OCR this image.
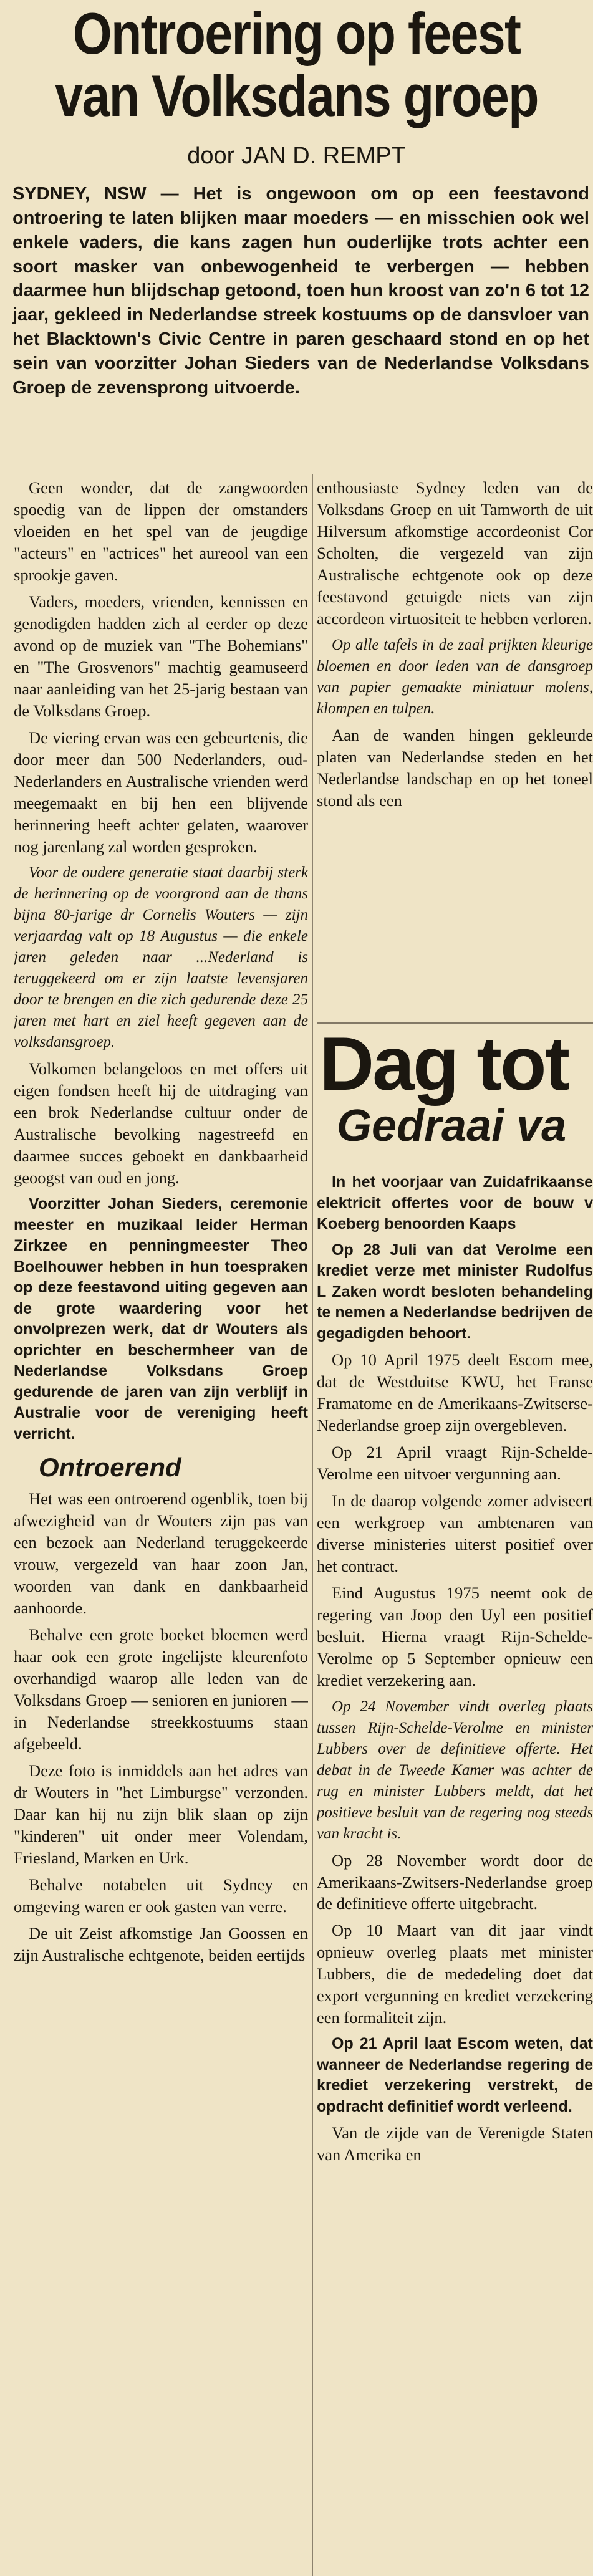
Ontroering op feest
van Volksdans groep
door JAN D. REMPT
SYDNEY, NSW — Het is ongewoon om op een feestavond ontroering te laten blijken maar moeders — en misschien ook wel enkele vaders, die kans zagen hun ouderlijke trots achter een soort masker van onbewogenheid te verbergen — hebben daarmee hun blijdschap getoond, toen hun kroost van zo'n 6 tot 12 jaar, gekleed in Nederlandse streek kostuums op de dansvloer van het Blacktown's Civic Centre in paren geschaard stond en op het sein van voorzitter Johan Sieders van de Nederlandse Volksdans Groep de zevensprong uitvoerde.

Geen wonder, dat de zangwoorden spoedig van de lippen der omstanders vloeiden en het spel van de jeugdige "acteurs" en "actrices" het aureool van een sprookje gaven.

Vaders, moeders, vrienden, kennissen en genodigden hadden zich al eerder op deze avond op de muziek van "The Bohemians" en "The Grosvenors" machtig geamuseerd naar aanleiding van het 25-jarig bestaan van de Volksdans Groep.

De viering ervan was een gebeurtenis, die door meer dan 500 Nederlanders, oud-Nederlanders en Australische vrienden werd meegemaakt en bij hen een blijvende herinnering heeft achter gelaten, waarover nog jarenlang zal worden gesproken.

Voor de oudere generatie staat daarbij sterk de herinnering op de voorgrond aan de thans bijna 80-jarige dr Cornelis Wouters — zijn verjaardag valt op 18 Augustus — die enkele jaren geleden naar ...Nederland is teruggekeerd om er zijn laatste levensjaren door te brengen en die zich gedurende deze 25 jaren met hart en ziel heeft gegeven aan de volksdansgroep.

Volkomen belangeloos en met offers uit eigen fondsen heeft hij de uitdraging van een brok Nederlandse cultuur onder de Australische bevolking nagestreefd en daarmee succes geboekt en dankbaarheid geoogst van oud en jong.

Voorzitter Johan Sieders, ceremonie meester en muzikaal leider Herman Zirkzee en penningmeester Theo Boelhouwer hebben in hun toespraken op deze feestavond uiting gegeven aan de grote waardering voor het onvolprezen werk, dat dr Wouters als oprichter en beschermheer van de Nederlandse Volksdans Groep gedurende de jaren van zijn verblijf in Australie voor de vereniging heeft verricht.

Ontroerend

Het was een ontroerend ogenblik, toen bij afwezigheid van dr Wouters zijn pas van een bezoek aan Nederland teruggekeerde vrouw, vergezeld van haar zoon Jan, woorden van dank en dankbaarheid aanhoorde.

Behalve een grote boeket bloemen werd haar ook een grote ingelijste kleurenfoto overhandigd waarop alle leden van de Volksdans Groep — senioren en junioren — in Nederlandse streekkostuums staan afgebeeld.

Deze foto is inmiddels aan het adres van dr Wouters in "het Limburgse" verzonden. Daar kan hij nu zijn blik slaan op zijn "kinderen" uit onder meer Volendam, Friesland, Marken en Urk.

Behalve notabelen uit Sydney en omgeving waren er ook gasten van verre.

De uit Zeist afkomstige Jan Goossen en zijn Australische echtgenote, beiden eertijds

enthousiaste Sydney leden van de Volksdans Groep en uit Tamworth de uit Hilversum afkomstige accordeonist Cor Scholten, die vergezeld van zijn Australische echtgenote ook op deze feestavond getuigde niets van zijn accordeon virtuositeit te hebben verloren.

Op alle tafels in de zaal prijkten kleurige bloemen en door leden van de dansgroep van papier gemaakte miniatuur molens, klompen en tulpen.

Aan de wanden hingen gekleurde platen van Nederlandse steden en het Nederlandse landschap en op het toneel stond als een

Dag tot
Gedraai va

In het voorjaar van Zuidafrikaanse elektricit offertes voor de bouw v Koeberg benoorden Kaaps

Op 28 Juli van dat Verolme een krediet verze met minister Rudolfus L Zaken wordt besloten behandeling te nemen a Nederlandse bedrijven de gegadigden behoort.

Op 10 April 1975 deelt Escom mee, dat de Westduitse KWU, het Franse Framatome en de Amerikaans-Zwitserse-Nederlandse groep zijn overgebleven.

Op 21 April vraagt Rijn-Schelde-Verolme een uitvoer vergunning aan.

In de daarop volgende zomer adviseert een werkgroep van ambtenaren van diverse ministeries uiterst positief over het contract.

Eind Augustus 1975 neemt ook de regering van Joop den Uyl een positief besluit. Hierna vraagt Rijn-Schelde-Verolme op 5 September opnieuw een krediet verzekering aan.

Op 24 November vindt overleg plaats tussen Rijn-Schelde-Verolme en minister Lubbers over de definitieve offerte. Het debat in de Tweede Kamer was achter de rug en minister Lubbers meldt, dat het positieve besluit van de regering nog steeds van kracht is.

Op 28 November wordt door de Amerikaans-Zwitsers-Nederlandse groep de definitieve offerte uitgebracht.

Op 10 Maart van dit jaar vindt opnieuw overleg plaats met minister Lubbers, die de mededeling doet dat export vergunning en krediet verzekering een formaliteit zijn.

Op 21 April laat Escom weten, dat wanneer de Nederlandse regering de krediet verzekering verstrekt, de opdracht definitief wordt verleend.

Van de zijde van de Verenigde Staten van Amerika en
